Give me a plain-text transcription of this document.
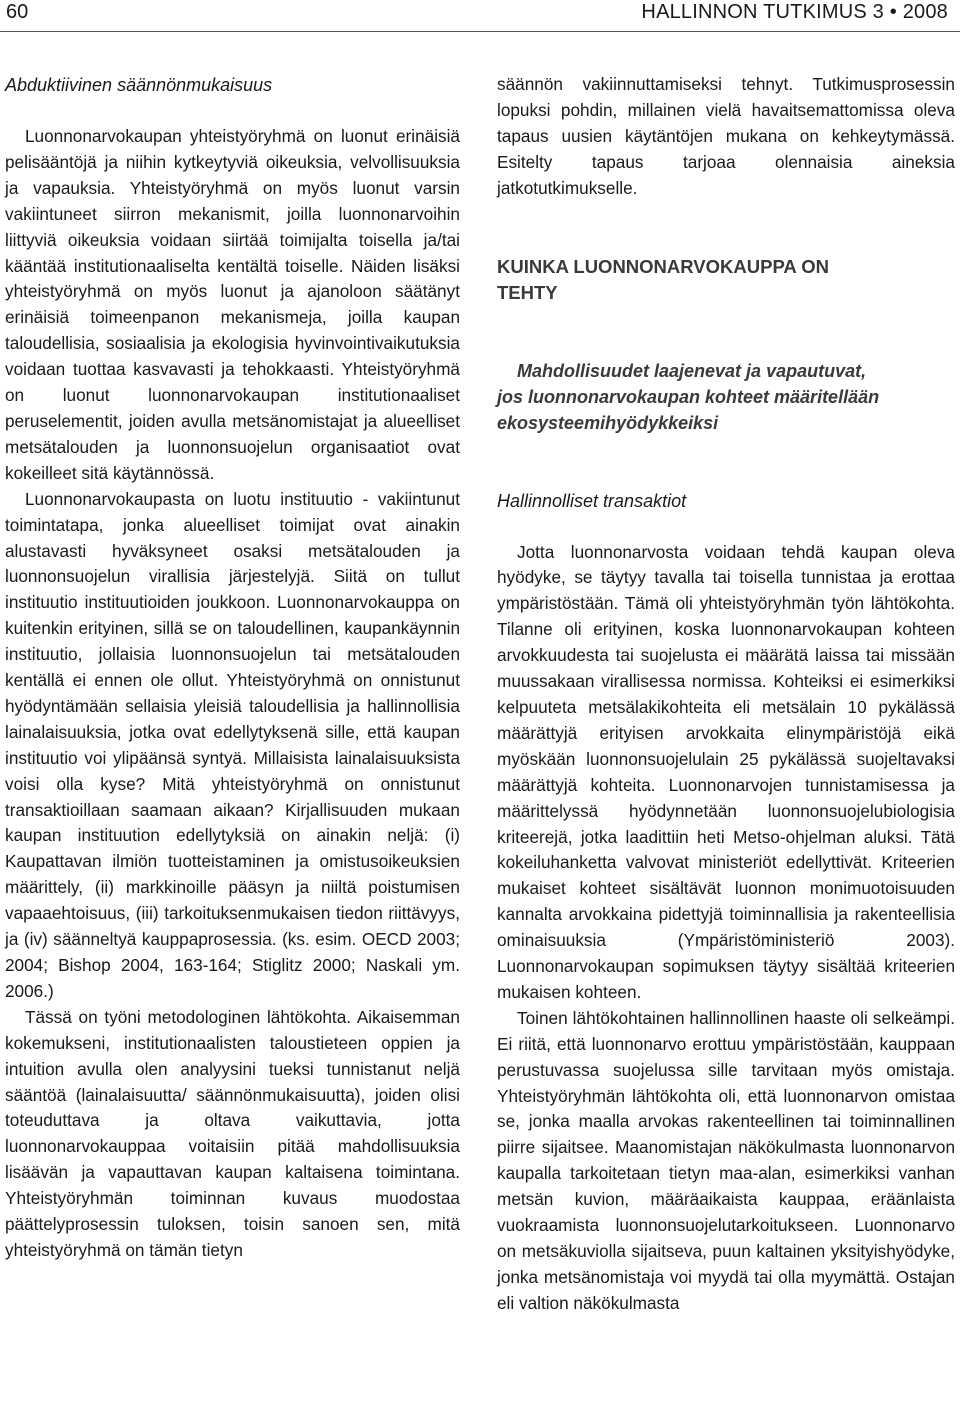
60	HALLINNON TUTKIMUS 3 • 2008
Abduktiivinen säännönmukaisuus

Luonnonarvokaupan yhteistyöryhmä on luonut erinäisiä pelisääntöjä ja niihin kytkeytyviä oikeuksia, velvollisuuksia ja vapauksia. Yhteistyöryhmä on myös luonut varsin vakiintuneet siirron mekanismit, joilla luonnonarvoihin liittyviä oikeuksia voidaan siirtää toimijalta toisella ja/tai kääntää institutionaaliselta kentältä toiselle. Näiden lisäksi yhteistyöryhmä on myös luonut ja ajanoloon säätänyt erinäisiä toimeenpanon mekanismeja, joilla kaupan taloudellisia, sosiaalisia ja ekologisia hyvinvointivaikutuksia voidaan tuottaa kasvavasti ja tehokkaasti. Yhteistyöryhmä on luonut luonnonarvokaupan institutionaaliset peruselementit, joiden avulla metsänomistajat ja alueelliset metsätalouden ja luonnonsuojelun organisaatiot ovat kokeilleet sitä käytännössä.

Luonnonarvokaupasta on luotu instituutio - vakiintunut toimintatapa, jonka alueelliset toimijat ovat ainakin alustavasti hyväksyneet osaksi metsätalouden ja luonnonsuojelun virallisia järjestelyjä. Siitä on tullut instituutio instituutioiden joukkoon. Luonnonarvokauppa on kuitenkin erityinen, sillä se on taloudellinen, kaupankäynnin instituutio, jollaisia luonnonsuojelun tai metsätalouden kentällä ei ennen ole ollut. Yhteistyöryhmä on onnistunut hyödyntämään sellaisia yleisiä taloudellisia ja hallinnollisia lainalaisuuksia, jotka ovat edellytyksenä sille, että kaupan instituutio voi ylipäänsä syntyä. Millaisista lainalaisuuksista voisi olla kyse? Mitä yhteistyöryhmä on onnistunut transaktioillaan saamaan aikaan? Kirjallisuuden mukaan kaupan instituution edellytyksiä on ainakin neljä: (i) Kaupattavan ilmiön tuotteistaminen ja omistusoikeuksien määrittely, (ii) markkinoille pääsyn ja niiltä poistumisen vapaaehtoisuus, (iii) tarkoituksenmukaisen tiedon riittävyys, ja (iv) säänneltyä kauppaprosessia. (ks. esim. OECD 2003; 2004; Bishop 2004, 163-164; Stiglitz 2000; Naskali ym. 2006.)

Tässä on työni metodologinen lähtökohta. Aikaisemman kokemukseni, institutionaalisten taloustieteen oppien ja intuition avulla olen analyysini tueksi tunnistanut neljä sääntöä (lainalaisuutta/ säännönmukaisuutta), joiden olisi toteuduttava ja oltava vaikuttavia, jotta luonnonarvokauppaa voitaisiin pitää mahdollisuuksia lisäävän ja vapauttavan kaupan kaltaisena toimintana. Yhteistyöryhmän toiminnan kuvaus muodostaa päättelyprosessin tuloksen, toisin sanoen sen, mitä yhteistyöryhmä on tämän tietyn

säännön vakiinnuttamiseksi tehnyt. Tutkimusprosessin lopuksi pohdin, millainen vielä havaitsemattomissa oleva tapaus uusien käytäntöjen mukana on kehkeytymässä. Esitelty tapaus tarjoaa olennaisia aineksia jatkotutkimukselle.

KUINKA LUONNONARVOKAUPPA ON
TEHTY
Mahdollisuudet laajenevat ja vapautuvat,
jos luonnonarvokaupan kohteet määritellään
ekosysteemihyödykkeiksi
Hallinnolliset transaktiot

Jotta luonnonarvosta voidaan tehdä kaupan oleva hyödyke, se täytyy tavalla tai toisella tunnistaa ja erottaa ympäristöstään. Tämä oli yhteistyöryhmän työn lähtökohta. Tilanne oli erityinen, koska luonnonarvokaupan kohteen arvokkuudesta tai suojelusta ei määrätä laissa tai missään muussakaan virallisessa normissa. Kohteiksi ei esimerkiksi kelpuuteta metsälakikohteita eli metsälain 10 pykälässä määrättyjä erityisen arvokkaita elinympäristöjä eikä myöskään luonnonsuojelulain 25 pykälässä suojeltavaksi määrättyjä kohteita. Luonnonarvojen tunnistamisessa ja määrittelyssä hyödynnetään luonnonsuojelubiologisia kriteerejä, jotka laadittiin heti Metso-ohjelman aluksi. Tätä kokeiluhanketta valvovat ministeriöt edellyttivät. Kriteerien mukaiset kohteet sisältävät luonnon monimuotoisuuden kannalta arvokkaina pidettyjä toiminnallisia ja rakenteellisia ominaisuuksia (Ympäristöministeriö 2003). Luonnonarvokaupan sopimuksen täytyy sisältää kriteerien mukaisen kohteen.

Toinen lähtökohtainen hallinnollinen haaste oli selkeämpi. Ei riitä, että luonnonarvo erottuu ympäristöstään, kauppaan perustuvassa suojelussa sille tarvitaan myös omistaja. Yhteistyöryhmän lähtökohta oli, että luonnonarvon omistaa se, jonka maalla arvokas rakenteellinen tai toiminnallinen piirre sijaitsee. Maanomistajan näkökulmasta luonnonarvon kaupalla tarkoitetaan tietyn maa-alan, esimerkiksi vanhan metsän kuvion, määräaikaista kauppaa, eräänlaista vuokraamista luonnonsuojelutarkoitukseen. Luonnonarvo on metsäkuviolla sijaitseva, puun kaltainen yksityishyödyke, jonka metsänomistaja voi myydä tai olla myymättä. Ostajan eli valtion näkökulmasta
